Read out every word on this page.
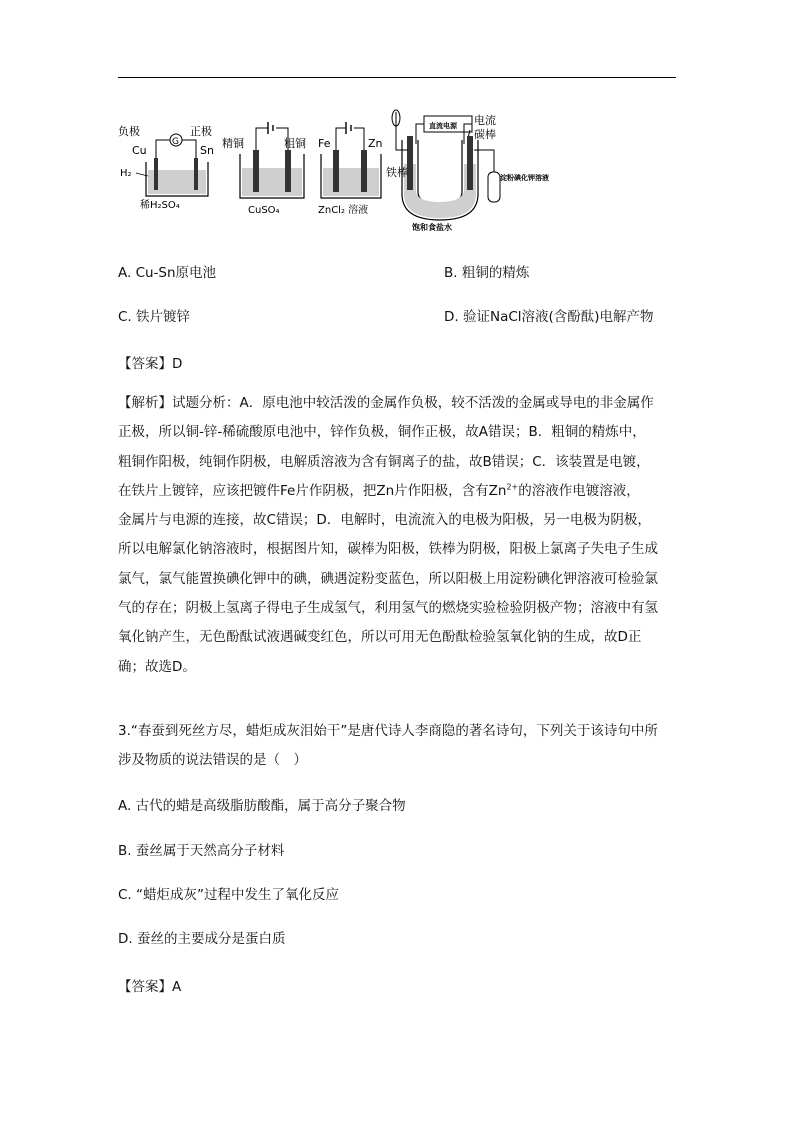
负极	正极
G
Cu	Sn
H₂
稀H₂SO₄
精铜	粗铜
CuSO₄
Fe	Zn
ZnCl₂ 溶液
直流电源 电流
碳棒
铁棒	淀粉碘化钾溶液
饱和食盐水
A. Cu-Sn原电池	B. 粗铜的精炼
C. 铁片镀锌	D. 验证NaCl溶液(含酚酞)电解产物
【答案】D
【解析】试题分析：A．原电池中较活泼的金属作负极，较不活泼的金属或导电的非金属作
正极，所以铜-锌-稀硫酸原电池中，锌作负极，铜作正极，故A错误；B．粗铜的精炼中，
粗铜作阳极，纯铜作阴极，电解质溶液为含有铜离子的盐，故B错误；C．该装置是电镀，
在铁片上镀锌，应该把镀件Fe片作阴极，把Zn片作阳极，含有$Zn^{2+}$的溶液作电镀溶液，
金属片与电源的连接，故C错误；D．电解时，电流流入的电极为阳极，另一电极为阴极，
所以电解氯化钠溶液时，根据图片知，碳棒为阳极，铁棒为阴极，阳极上氯离子失电子生成
氯气，氯气能置换碘化钾中的碘，碘遇淀粉变蓝色，所以阳极上用淀粉碘化钾溶液可检验氯
气的存在；阴极上氢离子得电子生成氢气，利用氢气的燃烧实验检验阴极产物；溶液中有氢
氧化钠产生，无色酚酞试液遇碱变红色，所以可用无色酚酞检验氢氧化钠的生成，故D正
确；故选D。
3.“春蚕到死丝方尽，蜡炬成灰泪始干”是唐代诗人李商隐的著名诗句，下列关于该诗句中所
涉及物质的说法错误的是（　）
A. 古代的蜡是高级脂肪酸酯，属于高分子聚合物
B. 蚕丝属于天然高分子材料
C. “蜡炬成灰”过程中发生了氧化反应
D. 蚕丝的主要成分是蛋白质
【答案】A
